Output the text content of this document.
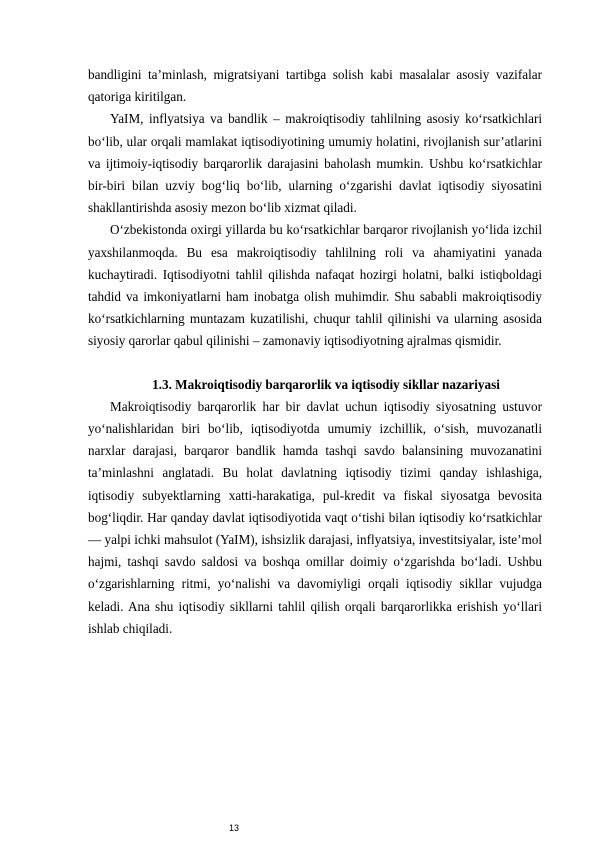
bandligini ta’minlash, migratsiyani tartibga solish kabi masalalar asosiy vazifalar qatoriga kiritilgan.

YaIM, inflyatsiya va bandlik – makroiqtisodiy tahlilning asosiy ko‘rsatkichlari bo‘lib, ular orqali mamlakat iqtisodiyotining umumiy holatini, rivojlanish sur’atlarini va ijtimoiy-iqtisodiy barqarorlik darajasini baholash mumkin. Ushbu ko‘rsatkichlar bir-biri bilan uzviy bog‘liq bo‘lib, ularning o‘zgarishi davlat iqtisodiy siyosatini shakllantirishda asosiy mezon bo‘lib xizmat qiladi.

O‘zbekistonda oxirgi yillarda bu ko‘rsatkichlar barqaror rivojlanish yo‘lida izchil yaxshilanmoqda. Bu esa makroiqtisodiy tahlilning roli va ahamiyatini yanada kuchaytiradi. Iqtisodiyotni tahlil qilishda nafaqat hozirgi holatni, balki istiqboldagi tahdid va imkoniyatlarni ham inobatga olish muhimdir. Shu sababli makroiqtisodiy ko‘rsatkichlarning muntazam kuzatilishi, chuqur tahlil qilinishi va ularning asosida siyosiy qarorlar qabul qilinishi – zamonaviy iqtisodiyotning ajralmas qismidir.

1.3. Makroiqtisodiy barqarorlik va iqtisodiy sikllar nazariyasi

Makroiqtisodiy barqarorlik har bir davlat uchun iqtisodiy siyosatning ustuvor yo‘nalishlaridan biri bo‘lib, iqtisodiyotda umumiy izchillik, o‘sish, muvozanatli narxlar darajasi, barqaror bandlik hamda tashqi savdo balansining muvozanatini ta’minlashni anglatadi. Bu holat davlatning iqtisodiy tizimi qanday ishlashiga, iqtisodiy subyektlarning xatti-harakatiga, pul-kredit va fiskal siyosatga bevosita bog‘liqdir. Har qanday davlat iqtisodiyotida vaqt o‘tishi bilan iqtisodiy ko‘rsatkichlar — yalpi ichki mahsulot (YaIM), ishsizlik darajasi, inflyatsiya, investitsiyalar, iste’mol hajmi, tashqi savdo saldosi va boshqa omillar doimiy o‘zgarishda bo‘ladi. Ushbu o‘zgarishlarning ritmi, yo‘nalishi va davomiyligi orqali iqtisodiy sikllar vujudga keladi. Ana shu iqtisodiy sikllarni tahlil qilish orqali barqarorlikka erishish yo‘llari ishlab chiqiladi.

13
